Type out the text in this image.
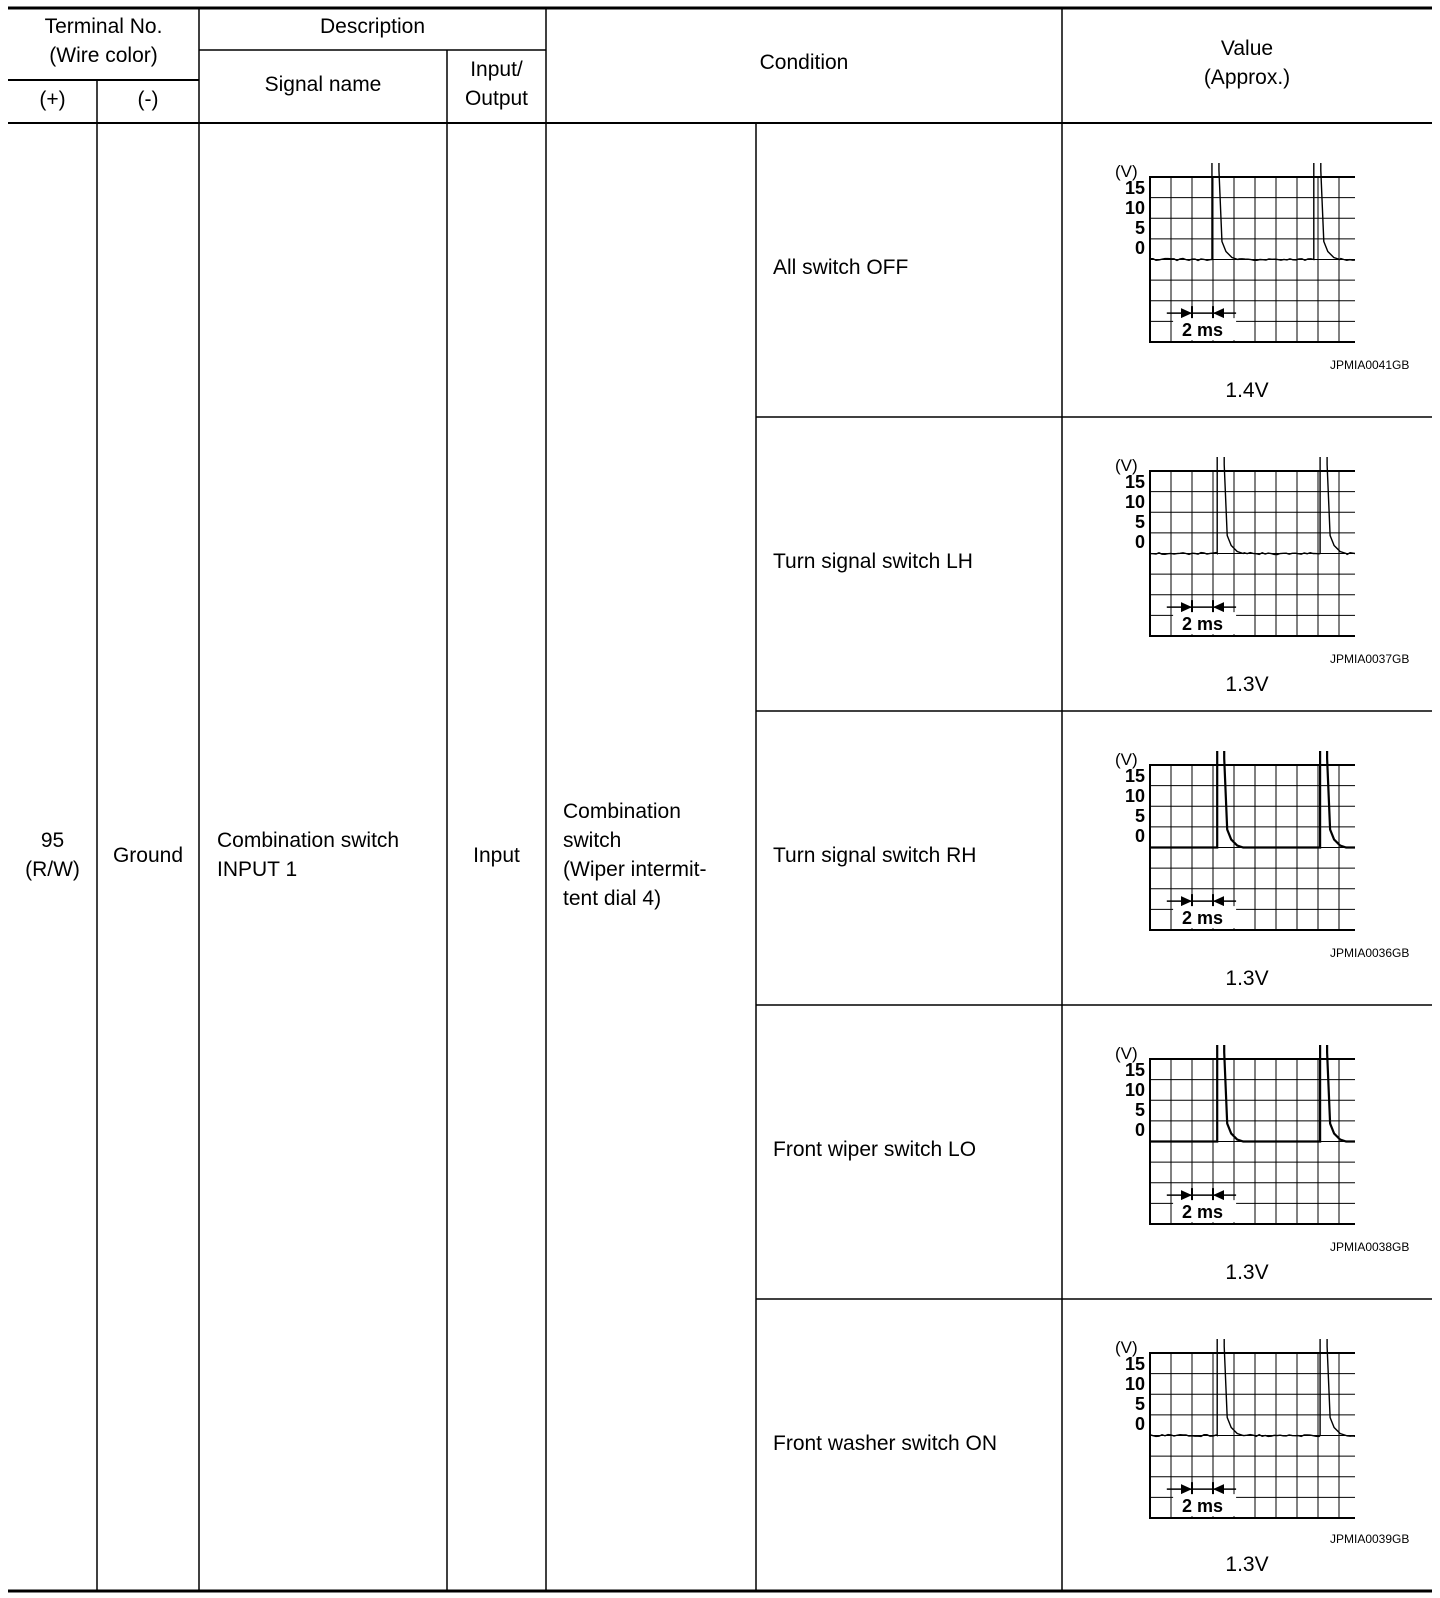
Terminal No.
(Wire color)
(+)	(-)
Description
Signal name
Input/
Output
Condition
Value
(Approx.)
95
(R/W)
Ground
Combination switch
INPUT 1
Input
Combination
switch
(Wiper intermit-
tent dial 4)
All switch OFF
(V)
15
10
5
0
2 ms
JPMIA0041GB
1.4V
Turn signal switch LH
(V)
15
10
5
0
2 ms
JPMIA0037GB
1.3V
Turn signal switch RH
(V)
15
10
5
0
2 ms
JPMIA0036GB
1.3V
Front wiper switch LO
(V)
15
10
5
0
2 ms
JPMIA0038GB
1.3V
Front washer switch ON
(V)
15
10
5
0
2 ms
JPMIA0039GB
1.3V
